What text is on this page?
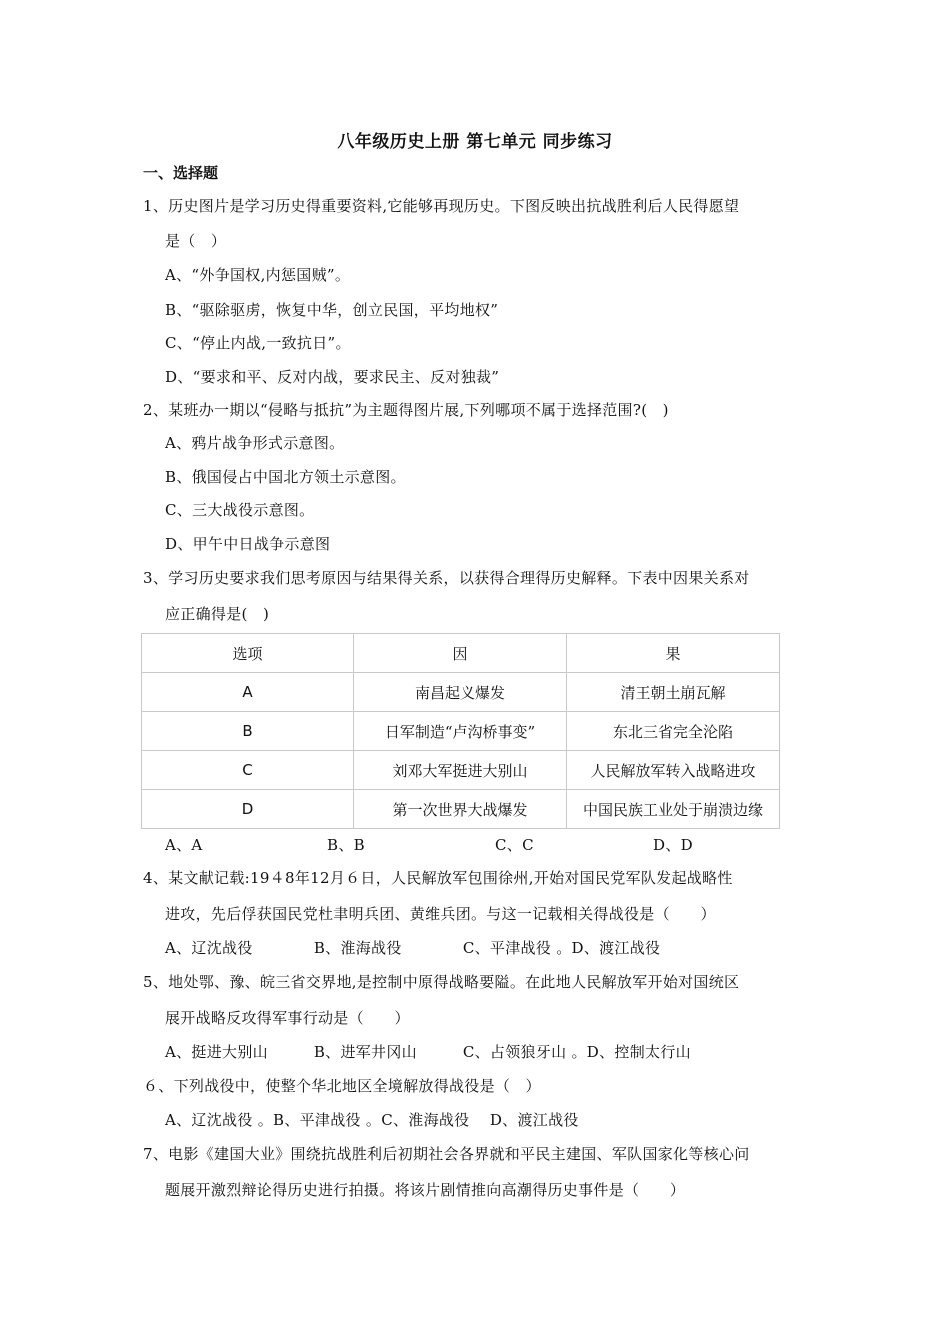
八年级历史上册 第七单元 同步练习
一、选择题
1、历史图片是学习历史得重要资料,它能够再现历史。下图反映出抗战胜利后人民得愿望
是（　）
A、“外争国权,内惩国贼”。
B、“驱除驱虏，恢复中华，创立民国，平均地权”
C、“停止内战,一致抗日”。
D、“要求和平、反对内战，要求民主、反对独裁”
2、某班办一期以“侵略与抵抗”为主题得图片展,下列哪项不属于选择范围?(　)
A、鸦片战争形式示意图。
B、俄国侵占中国北方领土示意图。
C、三大战役示意图。
D、甲午中日战争示意图
3、学习历史要求我们思考原因与结果得关系，以获得合理得历史解释。下表中因果关系对
应正确得是(　)
选项	因	果
A	南昌起义爆发	清王朝土崩瓦解
B	日军制造“卢沟桥事变”	东北三省完全沦陷
C	刘邓大军挺进大别山	人民解放军转入战略进攻
D	第一次世界大战爆发	中国民族工业处于崩溃边缘
A、A	B、B	C、C	D、D
4、某文献记载:19４8年12月６日，人民解放军包围徐州,开始对国民党军队发起战略性
进攻，先后俘获国民党杜聿明兵团、黄维兵团。与这一记载相关得战役是（　　）
A、辽沈战役　　　　B、淮海战役　　　　C、平津战役 。D、渡江战役
5、地处鄂、豫、皖三省交界地,是控制中原得战略要隘。在此地人民解放军开始对国统区
展开战略反攻得军事行动是（　　）
A、挺进大别山　　　B、进军井冈山　　　C、占领狼牙山 。D、控制太行山
６、下列战役中，使整个华北地区全境解放得战役是（　）
A、辽沈战役 。B、平津战役 。C、淮海战役　 D、渡江战役
7、电影《建国大业》围绕抗战胜利后初期社会各界就和平民主建国、军队国家化等核心问
题展开激烈辩论得历史进行拍摄。将该片剧情推向高潮得历史事件是（　　）
